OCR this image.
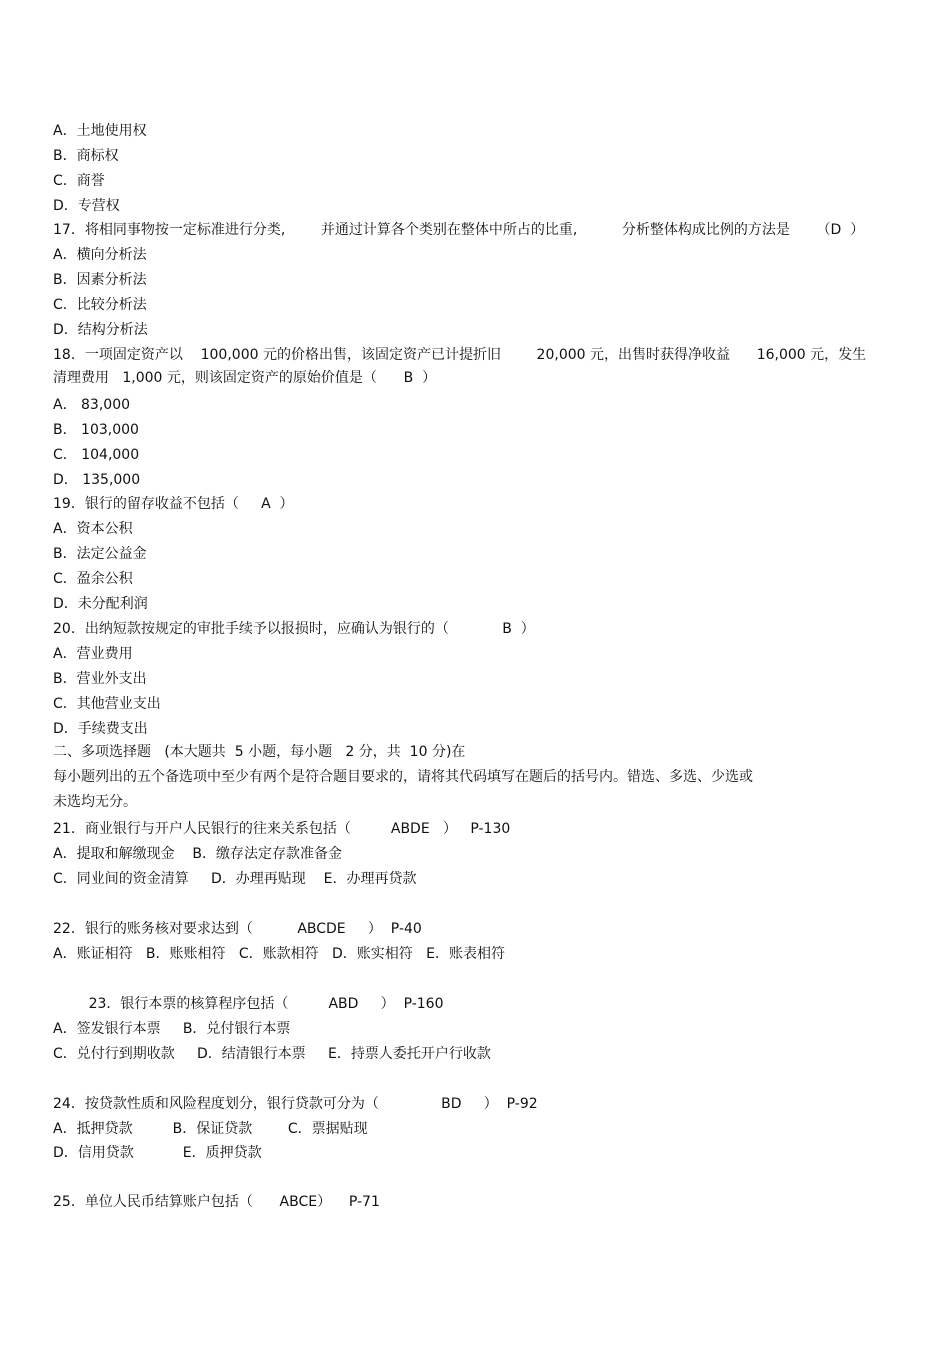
A．土地使用权
B．商标权
C．商誉
D．专营权
17．将相同事物按一定标准进行分类,        并通过计算各个类别在整体中所占的比重,          分析整体构成比例的方法是      （D  ）
A．横向分析法
B．因素分析法
C．比较分析法
D．结构分析法
18．一项固定资产以    100,000 元的价格出售，该固定资产已计提折旧        20,000 元，出售时获得净收益      16,000 元，发生
清理费用   1,000 元，则该固定资产的原始价值是（      B  ）
A． 83,000
B． 103,000
C． 104,000
D． 135,000
19．银行的留存收益不包括（     A  ）
A．资本公积
B．法定公益金
C．盈余公积
D．未分配利润
20．出纳短款按规定的审批手续予以报损时，应确认为银行的（            B  ）
A．营业费用
B．营业外支出
C．其他营业支出
D．手续费支出
二、多项选择题   (本大题共  5 小题，每小题   2 分，共  10 分)在
每小题列出的五个备选项中至少有两个是符合题目要求的，请将其代码填写在题后的括号内。错选、多选、少选或
未选均无分。
21．商业银行与开户人民银行的往来关系包括（         ABDE   ）   P-130
A．提取和解缴现金    B．缴存法定存款准备金
C．同业间的资金清算     D．办理再贴现    E．办理再贷款
22．银行的账务核对要求达到（          ABCDE     ）  P-40
A．账证相符   B．账账相符   C．账款相符   D．账实相符   E．账表相符
23．银行本票的核算程序包括（         ABD     ）  P-160
A．签发银行本票     B．兑付银行本票
C．兑付行到期收款     D．结清银行本票     E．持票人委托开户行收款
24．按贷款性质和风险程度划分，银行贷款可分为（              BD     ）  P-92
A．抵押贷款         B．保证贷款        C．票据贴现
D．信用贷款           E．质押贷款
25．单位人民币结算账户包括（      ABCE）    P-71
